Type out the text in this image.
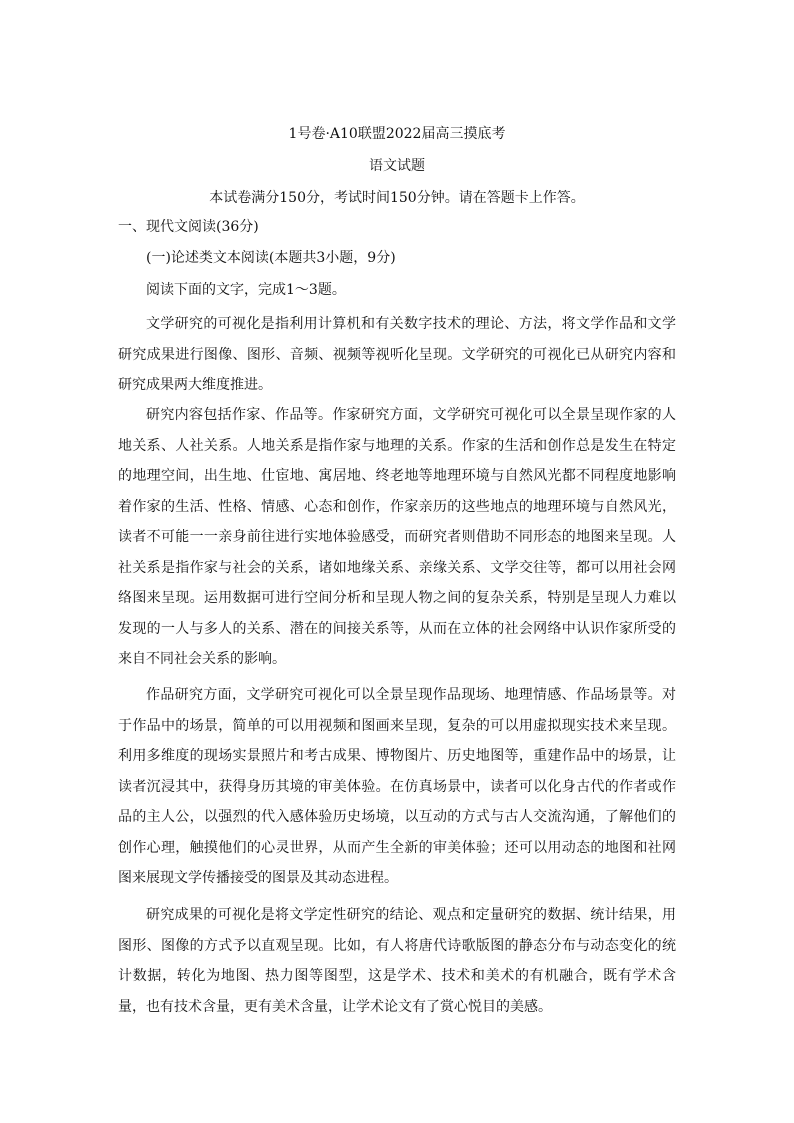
1号卷·A10联盟2022届高三摸底考
语文试题
本试卷满分150分，考试时间150分钟。请在答题卡上作答。
一、现代文阅读(36分)
(一)论述类文本阅读(本题共3小题，9分)
阅读下面的文字，完成1～3题。

文学研究的可视化是指利用计算机和有关数字技术的理论、方法，将文学作品和文学研究成果进行图像、图形、音频、视频等视听化呈现。文学研究的可视化已从研究内容和研究成果两大维度推进。

研究内容包括作家、作品等。作家研究方面，文学研究可视化可以全景呈现作家的人地关系、人社关系。人地关系是指作家与地理的关系。作家的生活和创作总是发生在特定的地理空间，出生地、仕宦地、寓居地、终老地等地理环境与自然风光都不同程度地影响着作家的生活、性格、情感、心态和创作，作家亲历的这些地点的地理环境与自然风光，读者不可能一一亲身前往进行实地体验感受，而研究者则借助不同形态的地图来呈现。人社关系是指作家与社会的关系，诸如地缘关系、亲缘关系、文学交往等，都可以用社会网络图来呈现。运用数据可进行空间分析和呈现人物之间的复杂关系，特别是呈现人力难以发现的一人与多人的关系、潜在的间接关系等，从而在立体的社会网络中认识作家所受的来自不同社会关系的影响。

作品研究方面，文学研究可视化可以全景呈现作品现场、地理情感、作品场景等。对于作品中的场景，简单的可以用视频和图画来呈现，复杂的可以用虚拟现实技术来呈现。利用多维度的现场实景照片和考古成果、博物图片、历史地图等，重建作品中的场景，让读者沉浸其中，获得身历其境的审美体验。在仿真场景中，读者可以化身古代的作者或作品的主人公，以强烈的代入感体验历史场境，以互动的方式与古人交流沟通，了解他们的创作心理，触摸他们的心灵世界，从而产生全新的审美体验；还可以用动态的地图和社网图来展现文学传播接受的图景及其动态进程。

研究成果的可视化是将文学定性研究的结论、观点和定量研究的数据、统计结果，用图形、图像的方式予以直观呈现。比如，有人将唐代诗歌版图的静态分布与动态变化的统计数据，转化为地图、热力图等图型，这是学术、技术和美术的有机融合，既有学术含量，也有技术含量，更有美术含量，让学术论文有了赏心悦目的美感。
